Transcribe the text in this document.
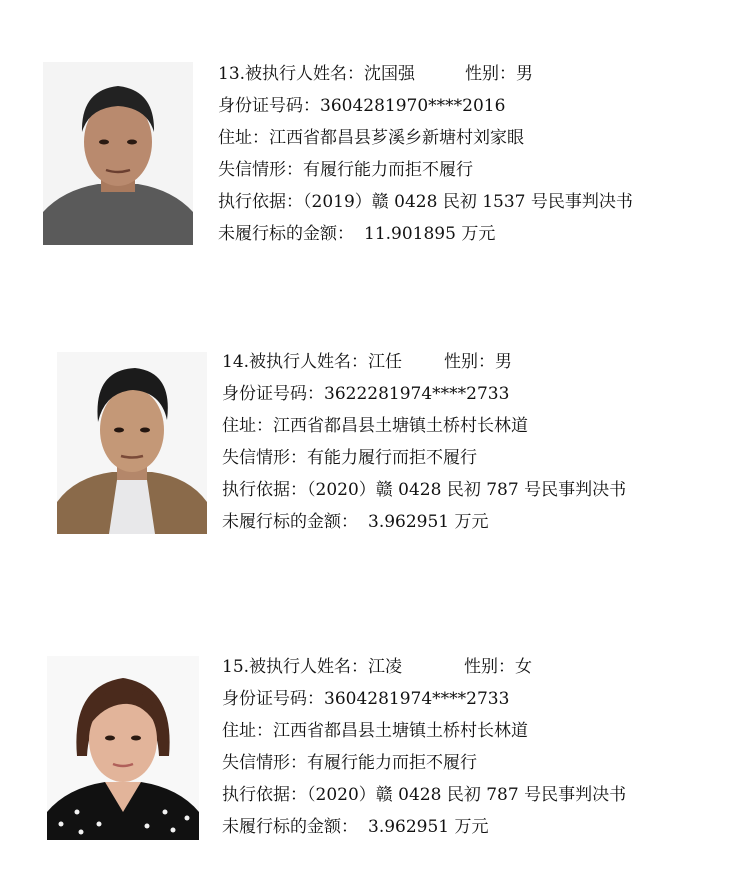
13.被执行人姓名：沈国强	性别：男
身份证号码：3604281970****2016
住址：江西省都昌县芗溪乡新塘村刘家眼
失信情形：有履行能力而拒不履行
执行依据：（2019）赣 0428 民初 1537 号民事判决书
未履行标的金额： 11.901895 万元
14.被执行人姓名：江任 性别：男
身份证号码：3622281974****2733
住址：江西省都昌县土塘镇土桥村长林道
失信情形：有能力履行而拒不履行
执行依据：（2020）赣 0428 民初 787 号民事判决书
未履行标的金额： 3.962951 万元
15.被执行人姓名：江凌	性别：女
身份证号码：3604281974****2733
住址：江西省都昌县土塘镇土桥村长林道
失信情形：有履行能力而拒不履行
执行依据：（2020）赣 0428 民初 787 号民事判决书
未履行标的金额： 3.962951 万元
